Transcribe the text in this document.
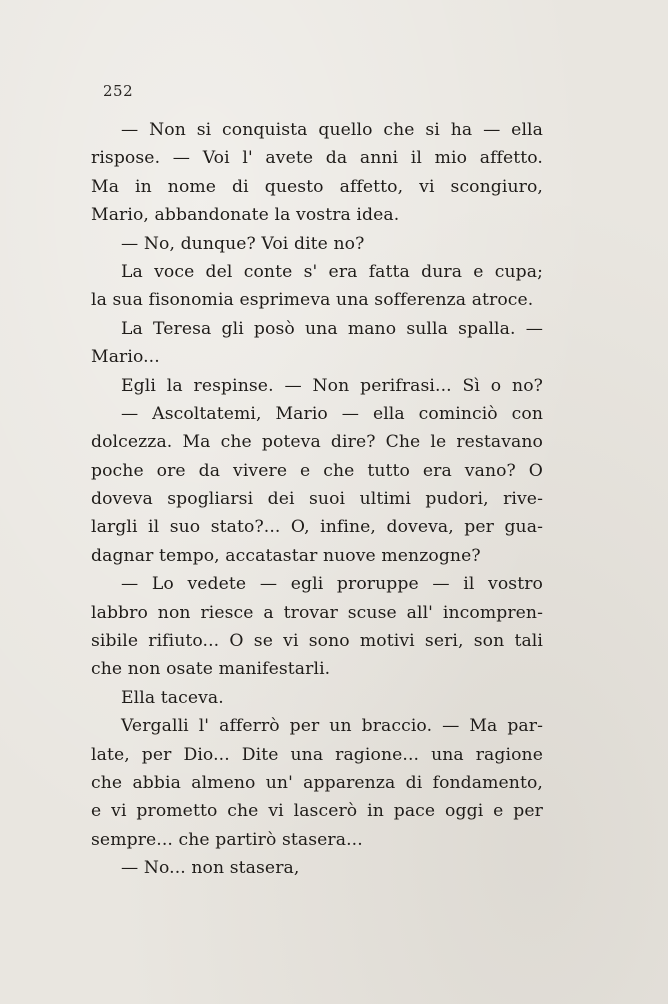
252
— Non si conquista quello che si ha — ella
rispose. — Voi l' avete da anni il mio affetto.
Ma in nome di questo affetto, vi scongiuro,
Mario, abbandonate la vostra idea.
— No, dunque? Voi dite no?
La voce del conte s' era fatta dura e cupa;
la sua fisonomia esprimeva una sofferenza atroce.
La Teresa gli posò una mano sulla spalla. —
Mario...
Egli la respinse. — Non perifrasi... Sì o no?
— Ascoltatemi, Mario — ella cominciò con
dolcezza. Ma che poteva dire? Che le restavano
poche ore da vivere e che tutto era vano? O
doveva spogliarsi dei suoi ultimi pudori, rive-
largli il suo stato?... O, infine, doveva, per gua-
dagnar tempo, accatastar nuove menzogne?
— Lo vedete — egli proruppe — il vostro
labbro non riesce a trovar scuse all' incompren-
sibile rifiuto... O se vi sono motivi seri, son tali
che non osate manifestarli.
Ella taceva.
Vergalli l' afferrò per un braccio. — Ma par-
late, per Dio... Dite una ragione... una ragione
che abbia almeno un' apparenza di fondamento,
e vi prometto che vi lascerò in pace oggi e per
sempre... che partirò stasera...
— No... non stasera,
